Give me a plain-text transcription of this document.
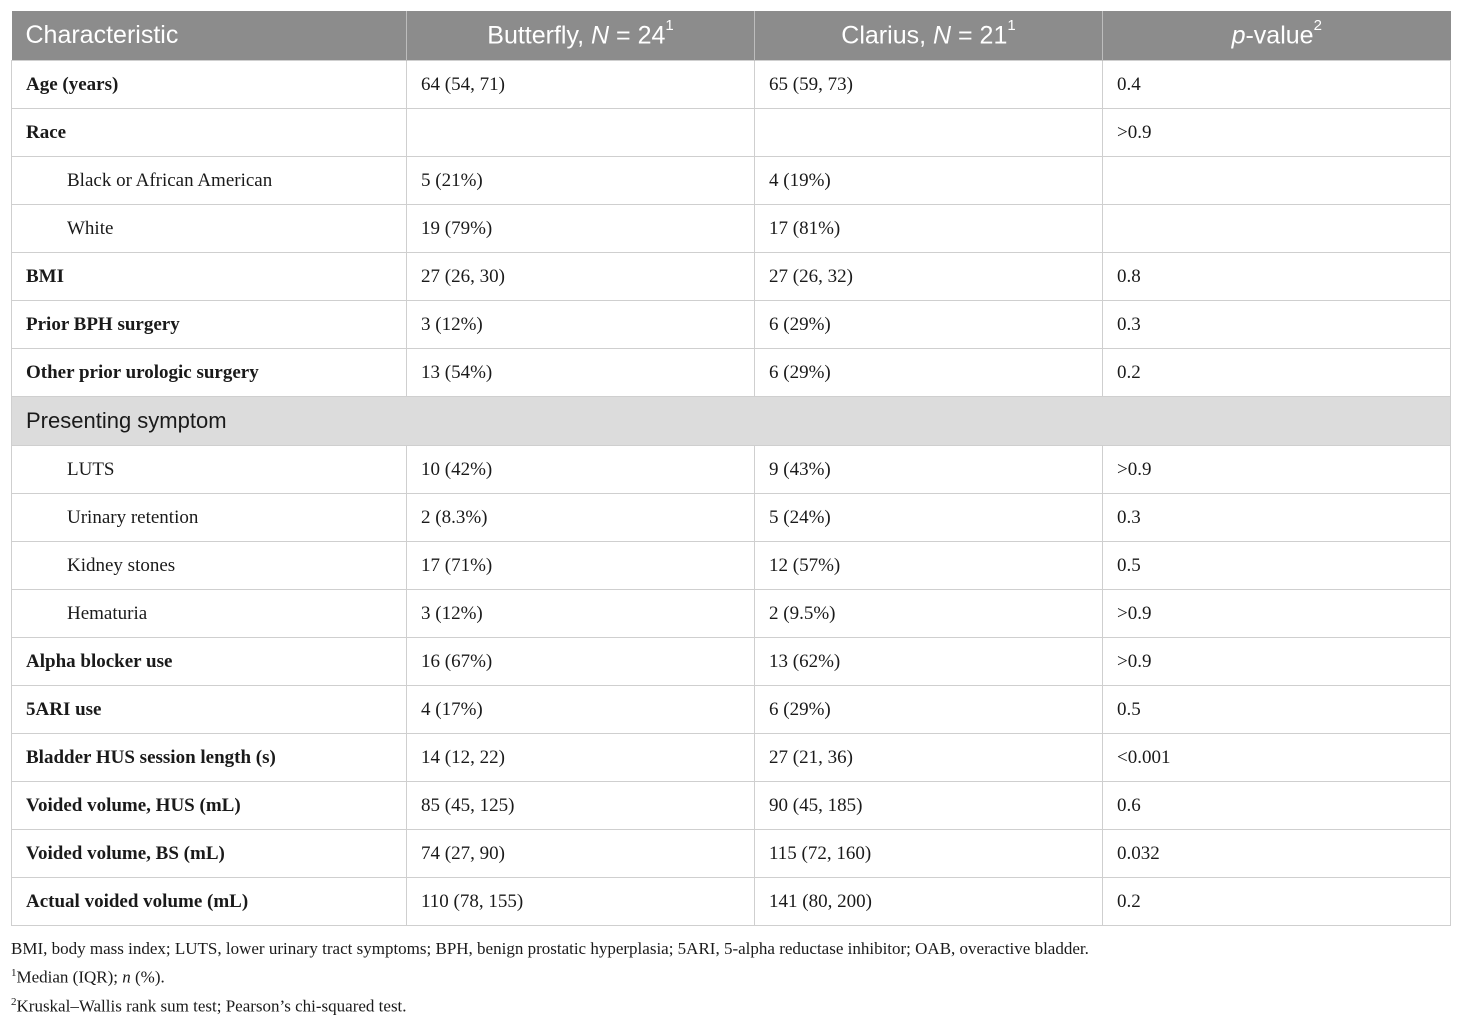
Characteristic	Butterfly, $N = 24^1$	Clarius, $N = 21^1$	p-value$^2$
Age (years)	64 (54, 71)	65 (59, 73)	0.4
Race			>0.9
Black or African American	5 (21%)	4 (19%)	
White	19 (79%)	17 (81%)	
BMI	27 (26, 30)	27 (26, 32)	0.8
Prior BPH surgery	3 (12%)	6 (29%)	0.3
Other prior urologic surgery	13 (54%)	6 (29%)	0.2
Presenting symptom			
LUTS	10 (42%)	9 (43%)	>0.9
Urinary retention	2 (8.3%)	5 (24%)	0.3
Kidney stones	17 (71%)	12 (57%)	0.5
Hematuria	3 (12%)	2 (9.5%)	>0.9
Alpha blocker use	16 (67%)	13 (62%)	>0.9
5ARI use	4 (17%)	6 (29%)	0.5
Bladder HUS session length (s)	14 (12, 22)	27 (21, 36)	<0.001
Voided volume, HUS (mL)	85 (45, 125)	90 (45, 185)	0.6
Voided volume, BS (mL)	74 (27, 90)	115 (72, 160)	0.032
Actual voided volume (mL)	110 (78, 155)	141 (80, 200)	0.2
BMI, body mass index; LUTS, lower urinary tract symptoms; BPH, benign prostatic hyperplasia; 5ARI, 5-alpha reductase inhibitor; OAB, overactive bladder.
$^1$Median (IQR); n (%).
$^2$Kruskal–Wallis rank sum test; Pearson’s chi-squared test.
